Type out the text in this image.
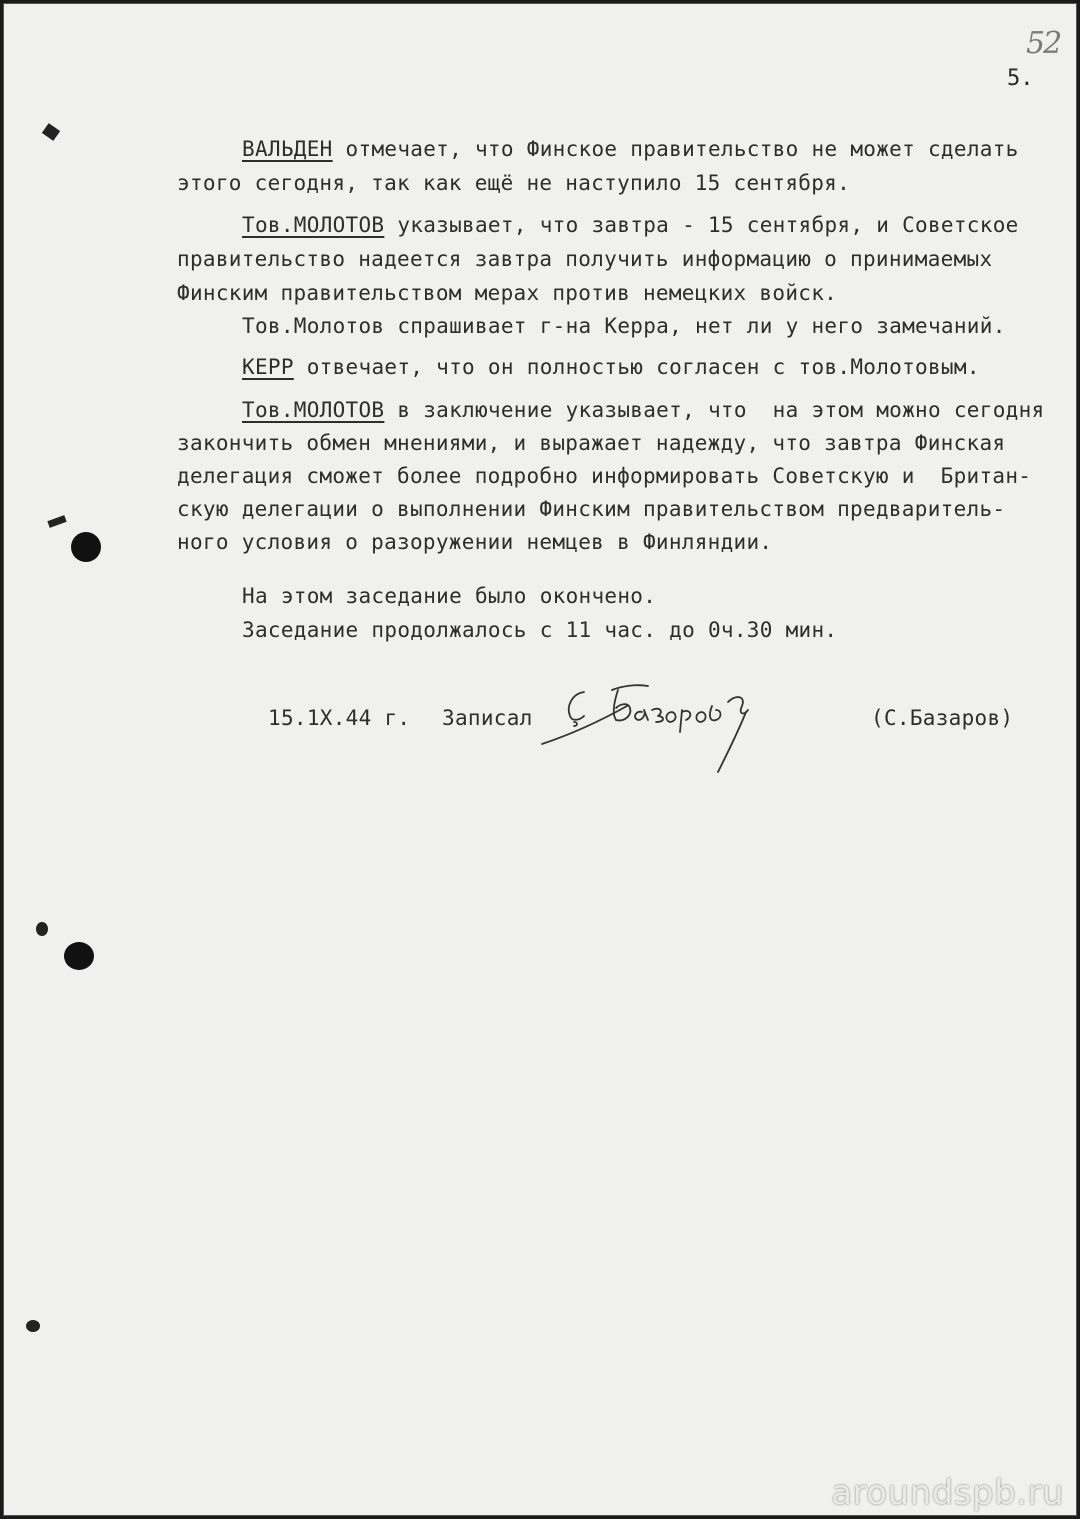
52
5.
ВАЛЬДЕН отмечает, что Финское правительство не может сделать
этого сегодня, так как ещё не наступило 15 сентября.
Тов.МОЛОТОВ указывает, что завтра - 15 сентября, и Советское
правительство надеется завтра получить информацию о принимаемых
Финским правительством мерах против немецких войск.
Тов.Молотов спрашивает г-на Керра, нет ли у него замечаний.
КЕРР отвечает, что он полностью согласен с тов.Молотовым.
Тов.МОЛОТОВ в заключение указывает, что  на этом можно сегодня
закончить обмен мнениями, и выражает надежду, что завтра Финская
делегация сможет более подробно информировать Советскую и  Британ-
скую делегации о выполнении Финским правительством предваритель-
ного условия о разоружении немцев в Финляндии.
На этом заседание было окончено.
Заседание продолжалось с 11 час. до 0ч.30 мин.
15.1Х.44 г. Записал	(С.Базаров)
aroundspb.ru
